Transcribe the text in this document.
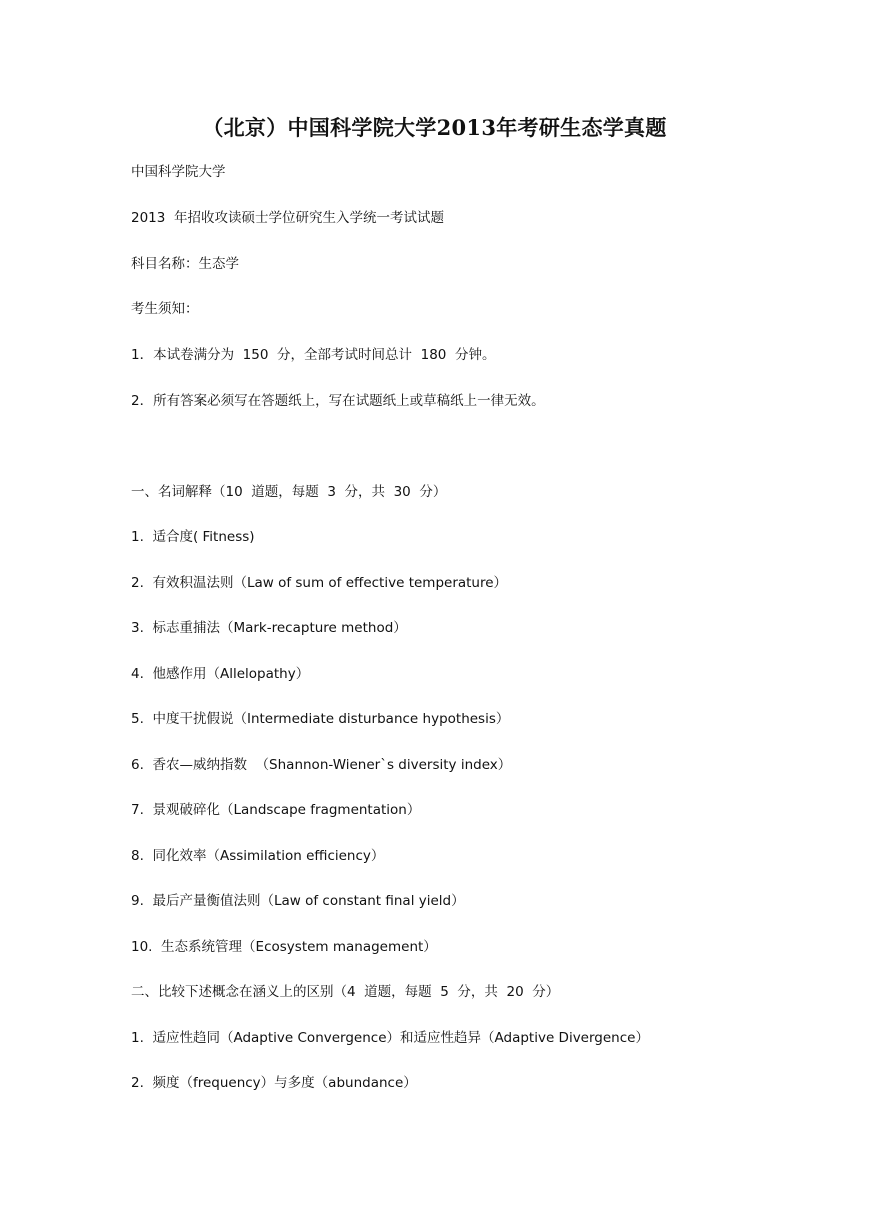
（北京）中国科学院大学2013年考研生态学真题
中国科学院大学
2013  年招收攻读硕士学位研究生入学统一考试试题
科目名称：生态学
考生须知：
1．本试卷满分为  150  分，全部考试时间总计  180  分钟。
2．所有答案必须写在答题纸上，写在试题纸上或草稿纸上一律无效。
一、名词解释（10  道题，每题  3  分，共  30  分）
1.  适合度( Fitness)
2.  有效积温法则（Law of sum of effective temperature）
3.  标志重捕法（Mark-recapture method）
4.  他感作用（Allelopathy）
5.  中度干扰假说（Intermediate disturbance hypothesis）
6.  香农—威纳指数  （Shannon-Wiener`s diversity index）
7.  景观破碎化（Landscape fragmentation）
8.  同化效率（Assimilation efficiency）
9.  最后产量衡值法则（Law of constant final yield）
10.  生态系统管理（Ecosystem management）
二、比较下述概念在涵义上的区别（4  道题，每题  5  分，共  20  分）
1.  适应性趋同（Adaptive Convergence）和适应性趋异（Adaptive Divergence）
2.  频度（frequency）与多度（abundance）
